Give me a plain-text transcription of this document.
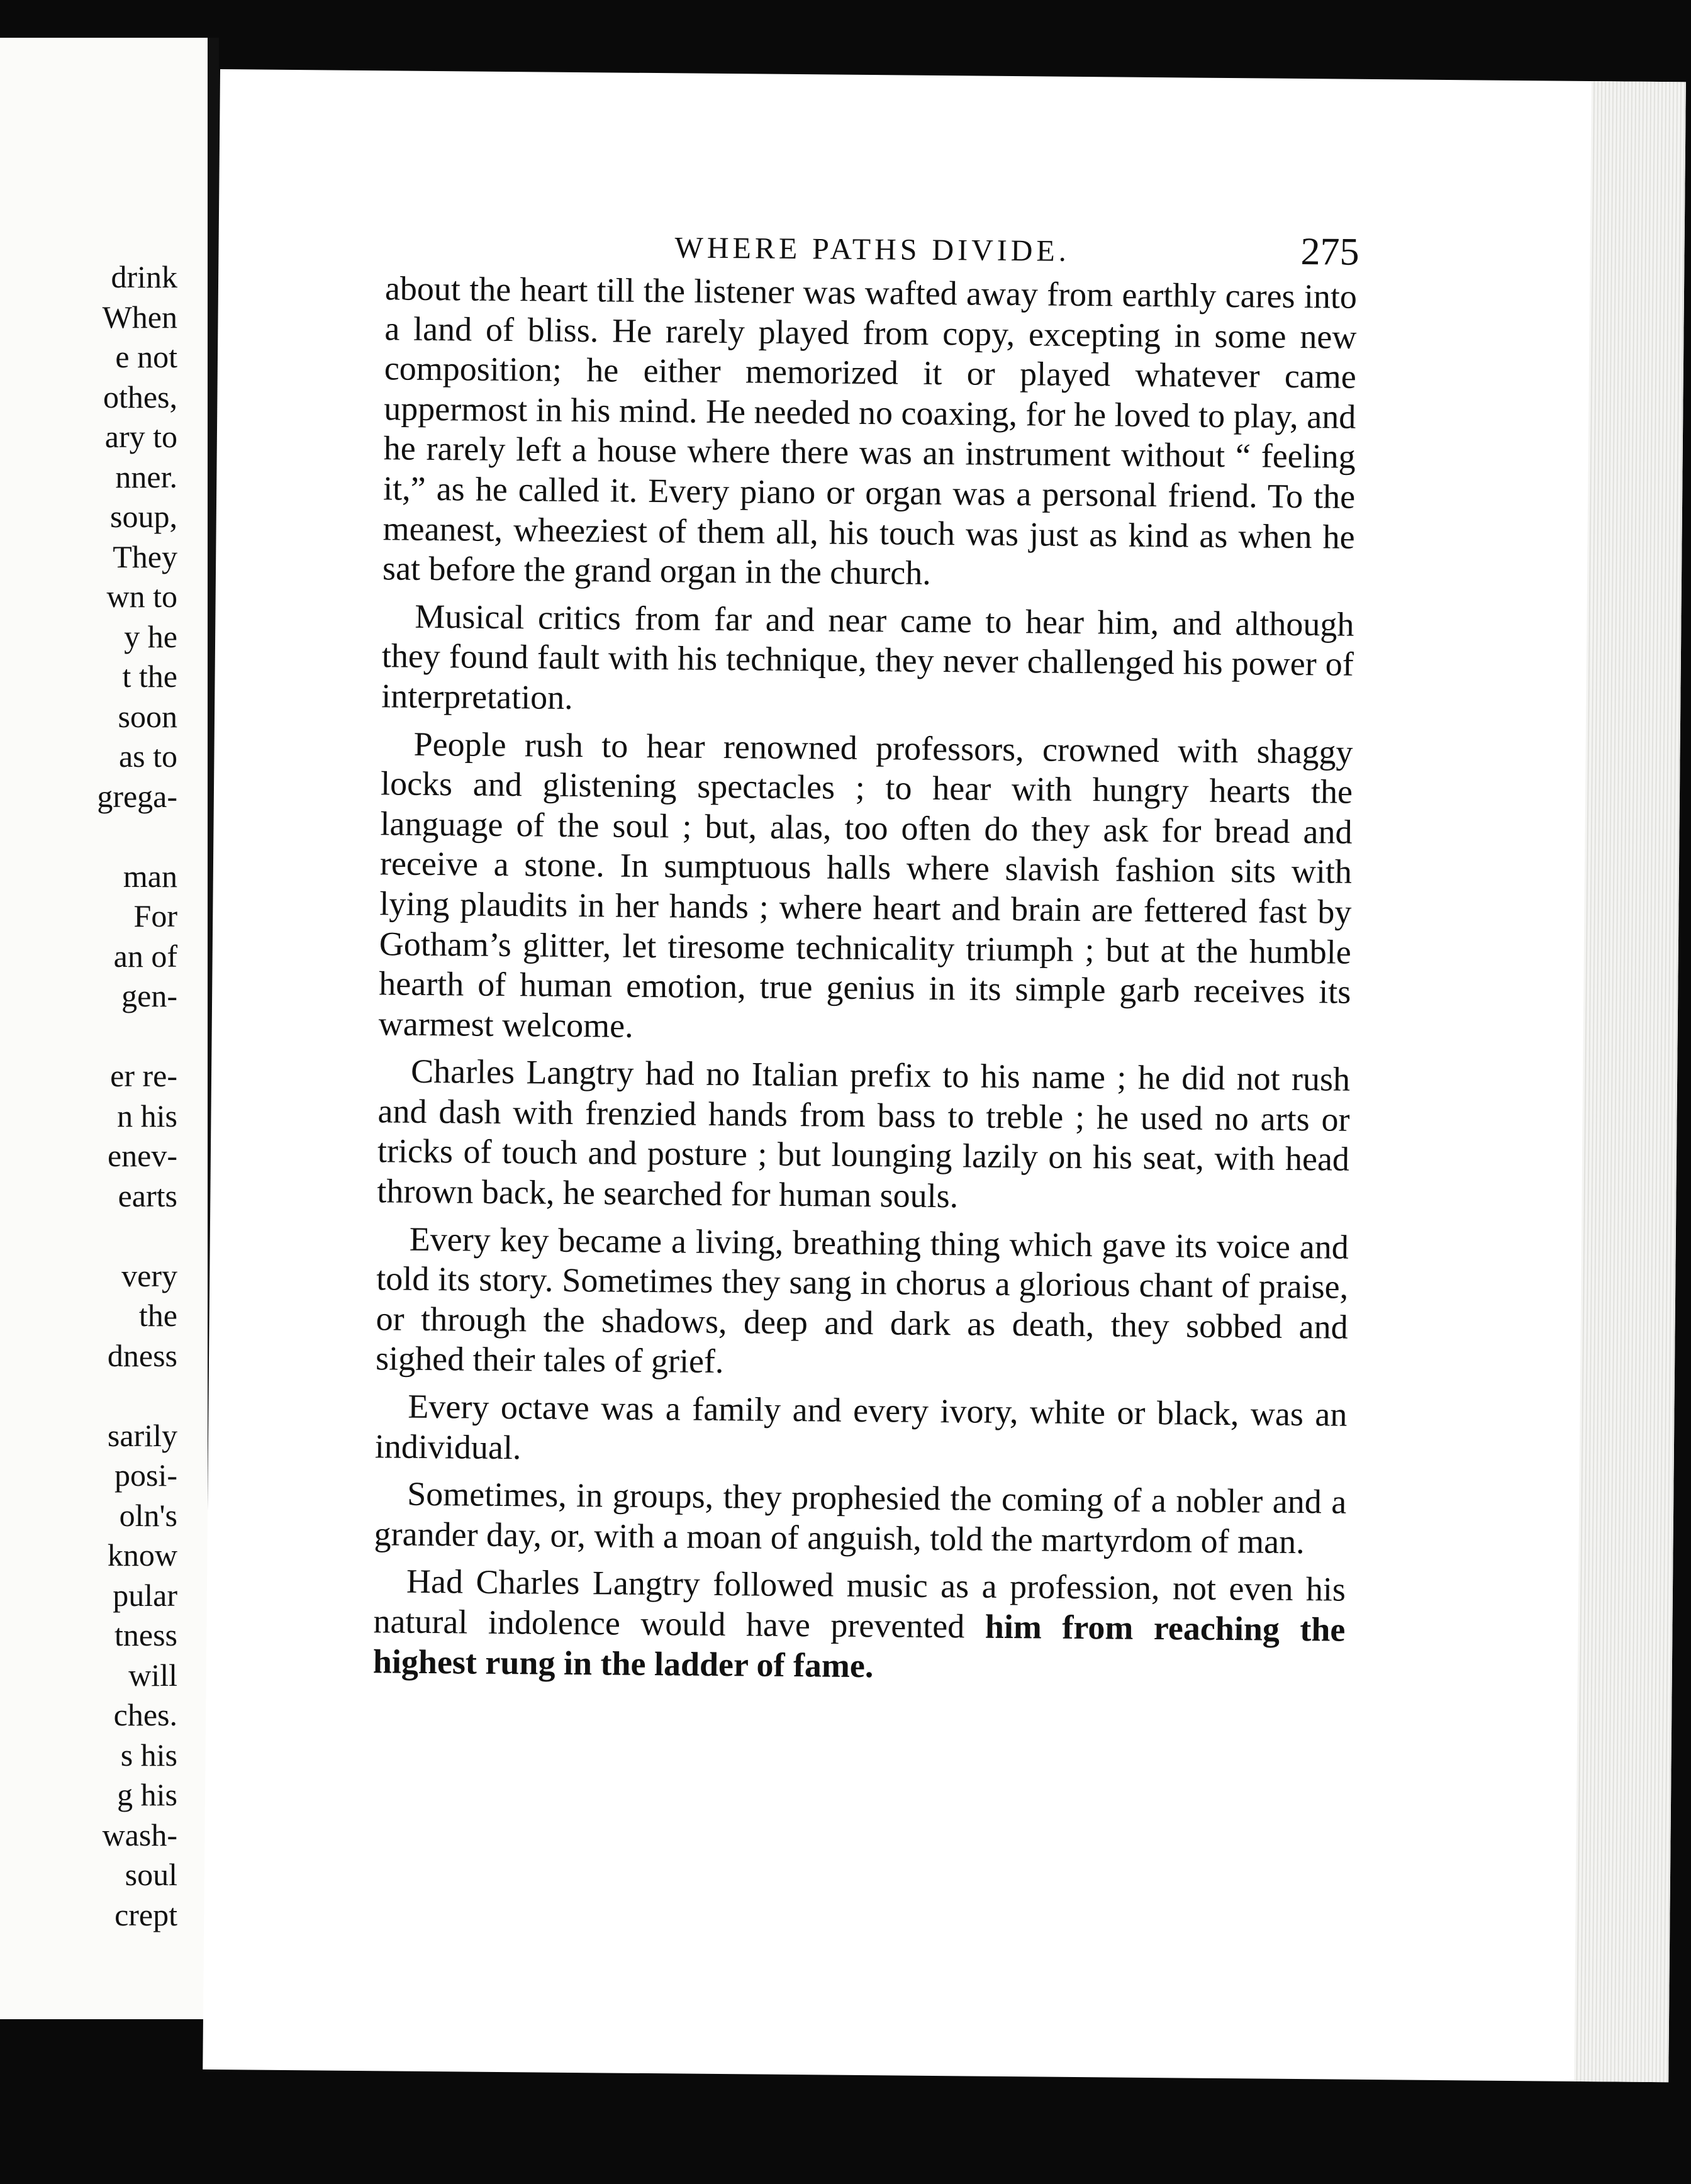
drink
When
e not
othes,
ary to
nner.
soup,
They
wn to
y he
t the
soon
as to
grega-
man
For
an of
gen-
er re-
n his
enev-
earts
very
the
dness
sarily
posi-
oln's
know
pular
tness
will
ches.
s his
g his
wash-
soul
crept
WHERE PATHS DIVIDE.	275

about the heart till the listener was wafted away from earthly cares into a land of bliss. He rarely played from copy, excepting in some new composition; he either memorized it or played whatever came uppermost in his mind. He needed no coaxing, for he loved to play, and he rarely left a house where there was an instrument without “ feeling it,” as he called it. Every piano or organ was a personal friend. To the meanest, wheeziest of them all, his touch was just as kind as when he sat before the grand organ in the church.

Musical critics from far and near came to hear him, and although they found fault with his technique, they never challenged his power of interpretation.

People rush to hear renowned professors, crowned with shaggy locks and glistening spectacles ; to hear with hungry hearts the language of the soul ; but, alas, too often do they ask for bread and receive a stone. In sumptuous halls where slavish fashion sits with lying plaudits in her hands ; where heart and brain are fettered fast by Gotham’s glitter, let tiresome technicality triumph ; but at the humble hearth of human emotion, true genius in its simple garb receives its warmest welcome.

Charles Langtry had no Italian prefix to his name ; he did not rush and dash with frenzied hands from bass to treble ; he used no arts or tricks of touch and posture ; but lounging lazily on his seat, with head thrown back, he searched for human souls.

Every key became a living, breathing thing which gave its voice and told its story. Sometimes they sang in chorus a glorious chant of praise, or through the shadows, deep and dark as death, they sobbed and sighed their tales of grief.

Every octave was a family and every ivory, white or black, was an individual.

Sometimes, in groups, they prophesied the coming of a nobler and a grander day, or, with a moan of anguish, told the martyrdom of man.

Had Charles Langtry followed music as a profession, not even his natural indolence would have prevented him from reaching the highest rung in the ladder of fame.
